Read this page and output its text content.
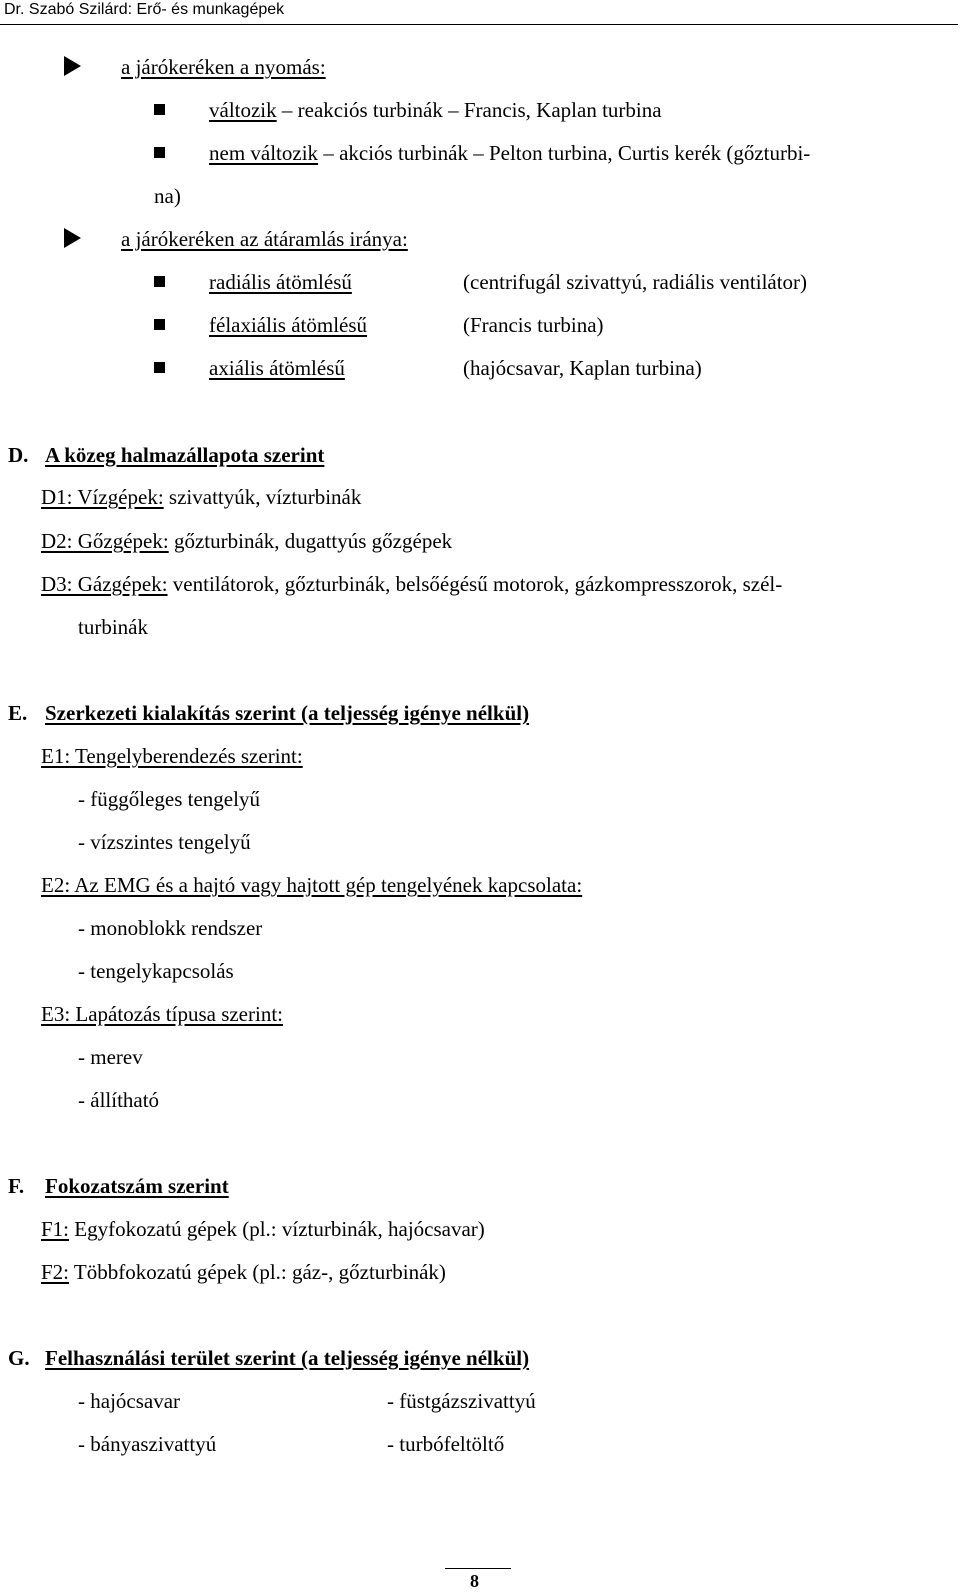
Dr. Szabó Szilárd: Erő- és munkagépek
a járókeréken a nyomás:
változik – reakciós turbinák – Francis, Kaplan turbina
nem változik – akciós turbinák – Pelton turbina, Curtis kerék (gőzturbi-
na)
a járókeréken az átáramlás iránya:
radiális átömlésű	(centrifugál szivattyú, radiális ventilátor)
félaxiális átömlésű	(Francis turbina)
axiális átömlésű	(hajócsavar, Kaplan turbina)
D. A közeg halmazállapota szerint
D1: Vízgépek: szivattyúk, vízturbinák
D2: Gőzgépek: gőzturbinák, dugattyús gőzgépek
D3: Gázgépek: ventilátorok, gőzturbinák, belsőégésű motorok, gázkompresszorok, szél-
turbinák
E. Szerkezeti kialakítás szerint (a teljesség igénye nélkül)
E1: Tengelyberendezés szerint:
- függőleges tengelyű
- vízszintes tengelyű
E2: Az EMG és a hajtó vagy hajtott gép tengelyének kapcsolata:
- monoblokk rendszer
- tengelykapcsolás
E3: Lapátozás típusa szerint:
- merev
- állítható
F. Fokozatszám szerint
F1: Egyfokozatú gépek (pl.: vízturbinák, hajócsavar)
F2: Többfokozatú gépek (pl.: gáz-, gőzturbinák)
G. Felhasználási terület szerint (a teljesség igénye nélkül)
- hajócsavar	- füstgázszivattyú
- bányaszivattyú	- turbófeltöltő
8
